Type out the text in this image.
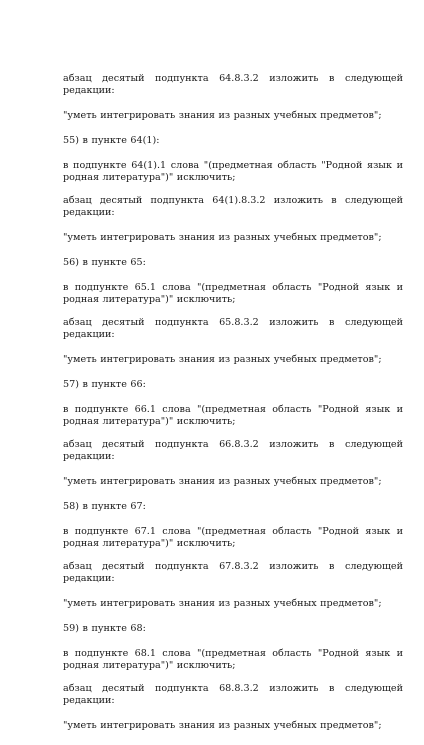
абзац десятый подпункта 64.8.3.2 изложить в следующей редакции:

"уметь интегрировать знания из разных учебных предметов";

55) в пункте 64(1):

в подпункте 64(1).1 слова "(предметная область "Родной язык и родная литература")" исключить;

абзац десятый подпункта 64(1).8.3.2 изложить в следующей редакции:

"уметь интегрировать знания из разных учебных предметов";

56) в пункте 65:

в подпункте 65.1 слова "(предметная область "Родной язык и родная литература")" исключить;

абзац десятый подпункта 65.8.3.2 изложить в следующей редакции:

"уметь интегрировать знания из разных учебных предметов";

57) в пункте 66:

в подпункте 66.1 слова "(предметная область "Родной язык и родная литература")" исключить;

абзац десятый подпункта 66.8.3.2 изложить в следующей редакции:

"уметь интегрировать знания из разных учебных предметов";

58) в пункте 67:

в подпункте 67.1 слова "(предметная область "Родной язык и родная литература")" исключить;

абзац десятый подпункта 67.8.3.2 изложить в следующей редакции:

"уметь интегрировать знания из разных учебных предметов";

59) в пункте 68:

в подпункте 68.1 слова "(предметная область "Родной язык и родная литература")" исключить;

абзац десятый подпункта 68.8.3.2 изложить в следующей редакции:

"уметь интегрировать знания из разных учебных предметов";
